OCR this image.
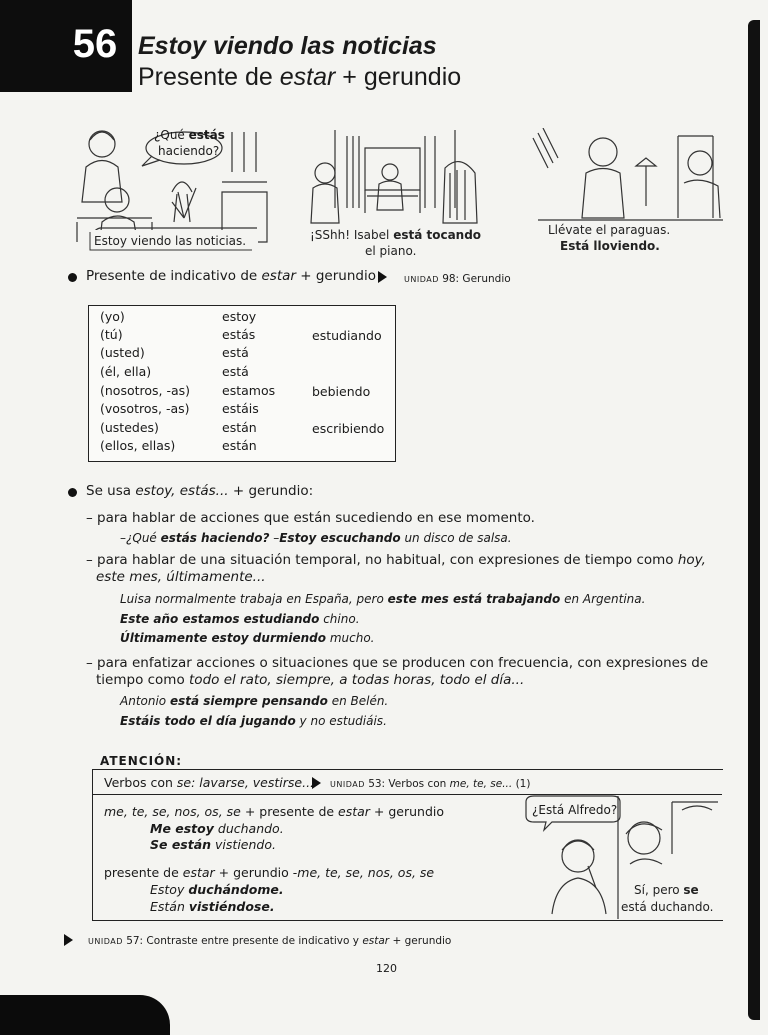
56 Estoy viendo las noticias
Presente de estar + gerundio
¿Qué estás
haciendo?
Estoy viendo las noticias.	¡SShh! Isabel está tocando
el piano.
Llévate el paraguas.
Está lloviendo.
Presente de indicativo de estar + gerundio	UNIDAD 98: Gerundio
(yo)
(tú)
(usted)
(él, ella)
(nosotros, -as)
(vosotros, -as)
(ustedes)
(ellos, ellas)
estoy
estás
está
está
estamos
estáis
están
están
estudiando
bebiendo
escribiendo
Se usa estoy, estás... + gerundio:
– para hablar de acciones que están sucediendo en ese momento.
–¿Qué estás haciendo? –Estoy escuchando un disco de salsa.
– para hablar de una situación temporal, no habitual, con expresiones de tiempo como hoy,
este mes, últimamente...
Luisa normalmente trabaja en España, pero este mes está trabajando en Argentina.
Este año estamos estudiando chino.
Últimamente estoy durmiendo mucho.
– para enfatizar acciones o situaciones que se producen con frecuencia, con expresiones de
tiempo como todo el rato, siempre, a todas horas, todo el día...
Antonio está siempre pensando en Belén.
Estáis todo el día jugando y no estudiáis.
ATENCIÓN:
Verbos con se: lavarse, vestirse... UNIDAD 53: Verbos con me, te, se... (1)
me, te, se, nos, os, se + presente de estar + gerundio
Me estoy duchando.
Se están vistiendo.
presente de estar + gerundio -me, te, se, nos, os, se
Estoy duchándome.
Están vistiéndose.
¿Está Alfredo?
Sí, pero se
está duchando.
UNIDAD 57: Contraste entre presente de indicativo y estar + gerundio
120
